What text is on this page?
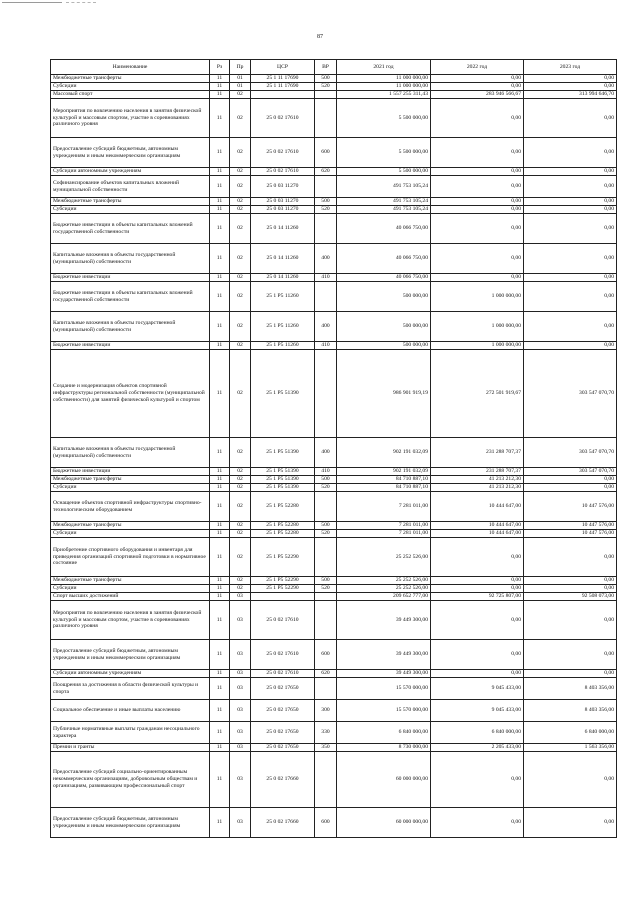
87
Наименование	Рз	Пр	ЦСР	ВР	2021 год	2022 год	2023 год
Межбюджетные трансферты	11	01	25 1 11 17690	500	11 000 000,00	0,00	0,00
Субсидии	11	01	25 1 11 17690	520	11 000 000,00	0,00	0,00
Массовый спорт	11	02			1 557 255 311,43	283 946 566,67	313 994 646,70
Мероприятия по вовлечению населения в занятия физической культурой и массовым спортом, участие в соревнованиях различного уровня	11	02	25 0 02 17610		5 500 000,00	0,00	0,00
Предоставление субсидий бюджетным, автономным учреждениям и иным некоммерческим организациям	11	02	25 0 02 17610	600	5 500 000,00	0,00	0,00
Субсидии автономным учреждениям	11	02	25 0 02 17610	620	5 500 000,00	0,00	0,00
Софинансирование объектов капитальных вложений муниципальной собственности	11	02	25 0 03 11270		491 753 105,24	0,00	0,00
Межбюджетные трансферты	11	02	25 0 03 11270	500	491 753 105,24	0,00	0,00
Субсидии	11	02	25 0 03 11270	520	491 753 105,24	0,00	0,00
Бюджетные инвестиции в объекты капитальных вложений государственной собственности	11	02	25 0 14 11260		40 066 750,00	0,00	0,00
Капитальные вложения в объекты государственной (муниципальной) собственности	11	02	25 0 14 11260	400	40 066 750,00	0,00	0,00
Бюджетные инвестиции	11	02	25 0 14 11260	410	40 066 750,00	0,00	0,00
Бюджетные инвестиции в объекты капитальных вложений государственной собственности	11	02	25 1 P5 11260		500 000,00	1 000 000,00	0,00
Капитальные вложения в объекты государственной (муниципальной) собственности	11	02	25 1 P5 11260	400	500 000,00	1 000 000,00	0,00
Бюджетные инвестиции	11	02	25 1 P5 11260	410	500 000,00	1 000 000,00	0,00
Создание и модернизация объектов спортивной инфраструктуры региональной собственности (муниципальной собственности) для занятий физической культурой и спортом	11	02	25 1 P5 51390		986 901 919,19	272 501 919,67	303 547 070,70
Капитальные вложения в объекты государственной (муниципальной) собственности	11	02	25 1 P5 51390	400	902 191 032,09	231 288 707,37	303 547 070,70
Бюджетные инвестиции	11	02	25 1 P5 51390	410	902 191 032,09	231 288 707,37	303 547 070,70
Межбюджетные трансферты	11	02	25 1 P5 51390	500	84 710 887,10	41 213 212,30	0,00
Субсидии	11	02	25 1 P5 51390	520	84 710 887,10	41 213 212,30	0,00
Оснащение объектов спортивной инфраструктуры спортивно-технологическим оборудованием	11	02	25 1 P5 52280		7 281 011,00	10 444 647,00	10 447 576,00
Межбюджетные трансферты	11	02	25 1 P5 52280	500	7 281 011,00	10 444 647,00	10 447 576,00
Субсидии	11	02	25 1 P5 52280	520	7 281 011,00	10 444 647,00	10 447 576,00
Приобретение спортивного оборудования и инвентаря для приведения организаций спортивной подготовки в нормативное состояние	11	02	25 1 P5 52290		25 252 526,00	0,00	0,00
Межбюджетные трансферты	11	02	25 1 P5 52290	500	25 252 526,00	0,00	0,00
Субсидии	11	02	25 1 P5 52290	520	25 252 526,00	0,00	0,00
Спорт высших достижений	11	03			209 652 777,00	92 725 807,00	92 508 073,00
Мероприятия по вовлечению населения в занятия физической культурой и массовым спортом, участие в соревнованиях различного уровня	11	03	25 0 02 17610		39 449 300,00	0,00	0,00
Предоставление субсидий бюджетным, автономным учреждениям и иным некоммерческим организациям	11	03	25 0 02 17610	600	39 449 300,00	0,00	0,00
Субсидии автономным учреждениям	11	03	25 0 02 17610	620	39 449 300,00	0,00	0,00
Поощрения за достижения в области физической культуры и спорта	11	03	25 0 02 17650		15 570 000,00	9 045 433,00	8 403 356,00
Социальное обеспечение и иные выплаты населению	11	03	25 0 02 17650	300	15 570 000,00	9 045 433,00	8 403 356,00
Публичные нормативные выплаты гражданам несоциального характера	11	03	25 0 02 17650	330	6 840 000,00	6 840 000,00	6 840 000,00
Премии и гранты	11	03	25 0 02 17650	350	8 730 000,00	2 205 433,00	1 563 356,00
Предоставление субсидий социально-ориентированным некоммерческим организациям, добровольным обществам и организациям, развивающим профессиональный спорт	11	03	25 0 02 17660		60 000 000,00	0,00	0,00
Предоставление субсидий бюджетным, автономным учреждениям и иным некоммерческим организациям	11	03	25 0 02 17660	600	60 000 000,00	0,00	0,00
